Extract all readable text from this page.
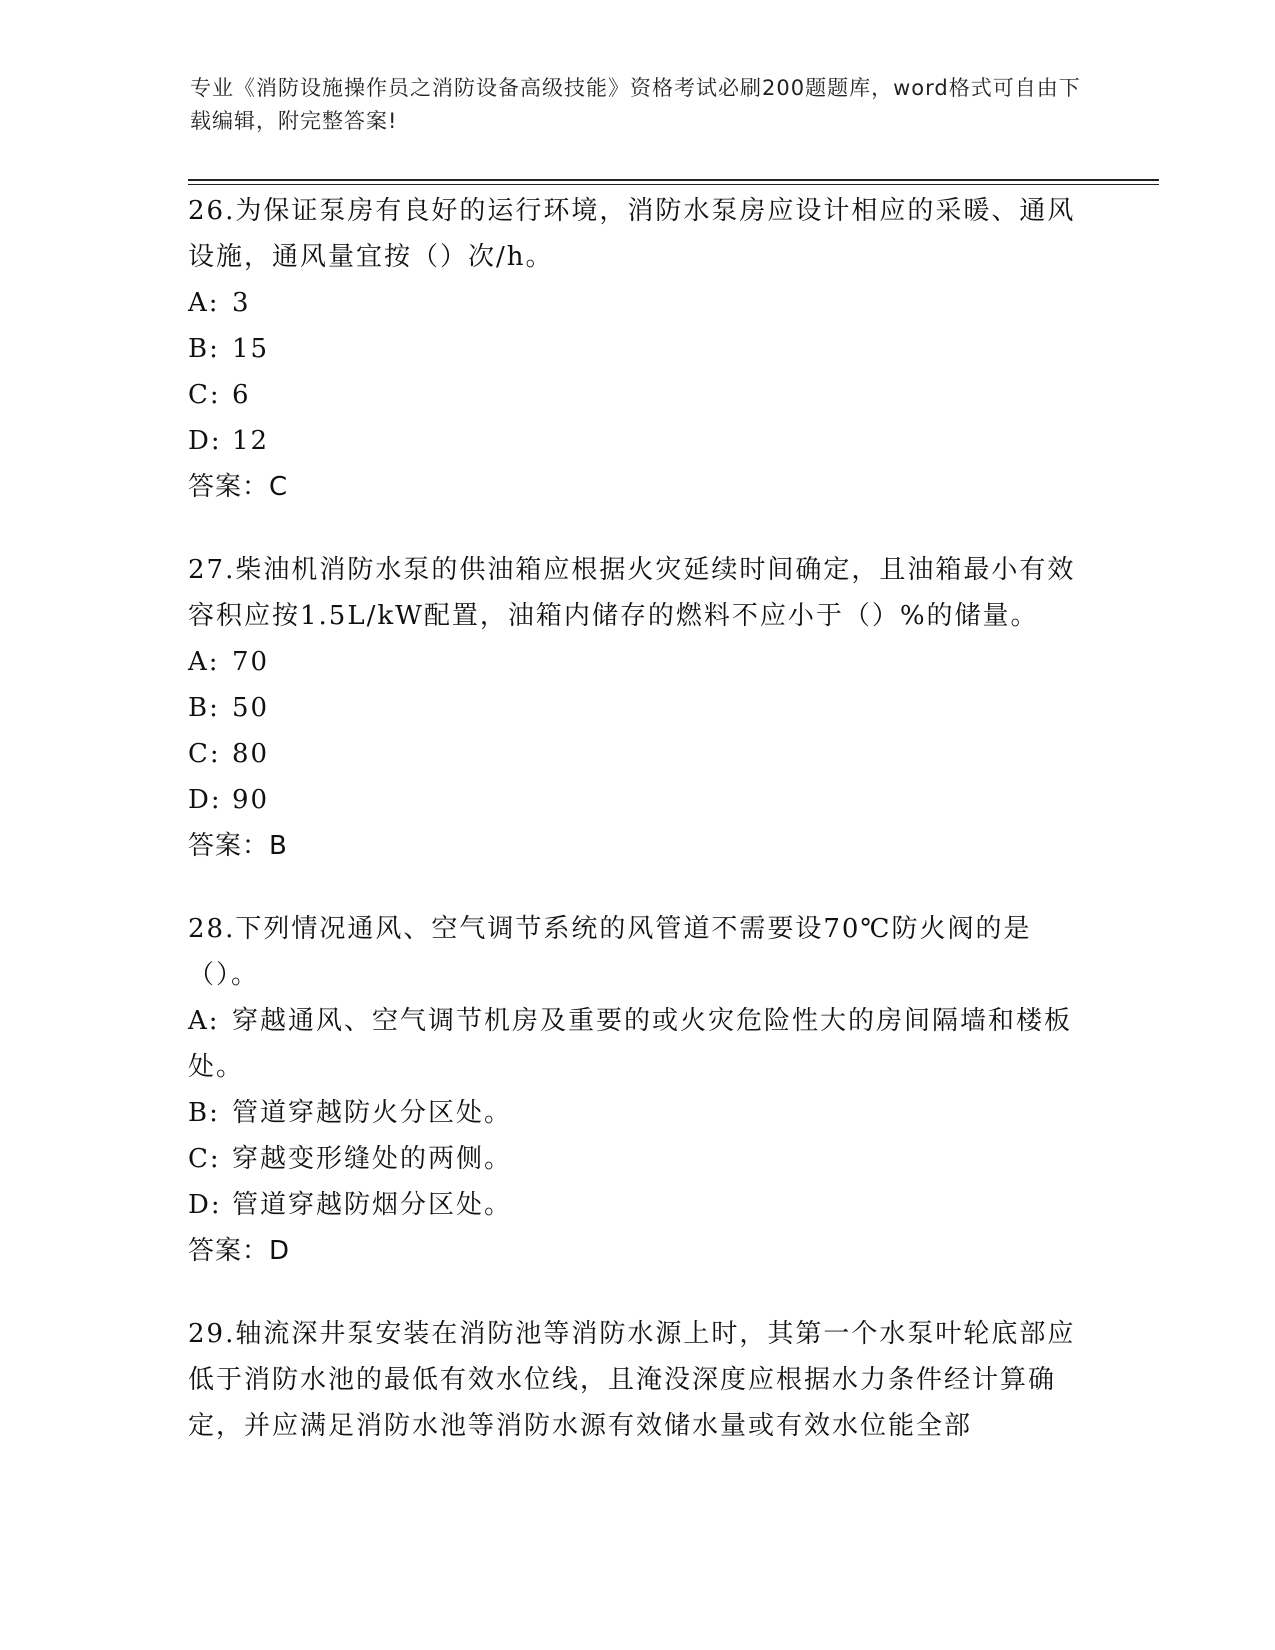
专业《消防设施操作员之消防设备高级技能》资格考试必刷200题题库，word格式可自由下载编辑，附完整答案!

26.为保证泵房有良好的运行环境，消防水泵房应设计相应的采暖、通风设施，通风量宜按（）次/h。

A: 3

B: 15

C: 6

D: 12

答案：C

27.柴油机消防水泵的供油箱应根据火灾延续时间确定，且油箱最小有效容积应按1.5L/kW配置，油箱内储存的燃料不应小于（）%的储量。

A: 70

B: 50

C: 80

D: 90

答案：B

28.下列情况通风、空气调节系统的风管道不需要设70℃防火阀的是（）。

A: 穿越通风、空气调节机房及重要的或火灾危险性大的房间隔墙和楼板处。

B: 管道穿越防火分区处。

C: 穿越变形缝处的两侧。

D: 管道穿越防烟分区处。

答案：D

29.轴流深井泵安装在消防池等消防水源上时，其第一个水泵叶轮底部应低于消防水池的最低有效水位线，且淹没深度应根据水力条件经计算确定，并应满足消防水池等消防水源有效储水量或有效水位能全部
